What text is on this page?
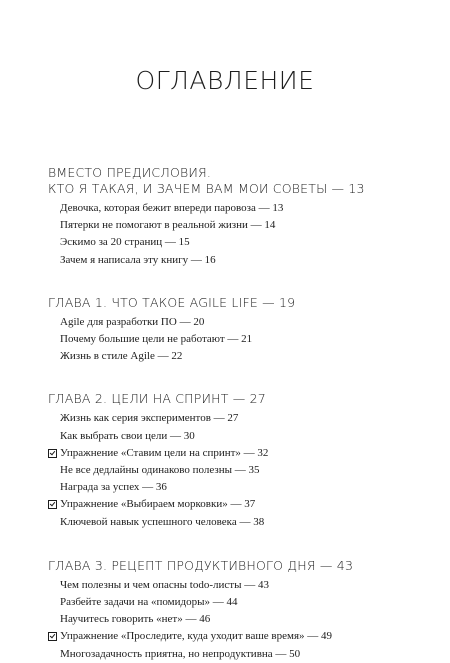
ОГЛАВЛЕНИЕ
ВМЕСТО ПРЕДИСЛОВИЯ.
КТО Я ТАКАЯ, И ЗАЧЕМ ВАМ МОИ СОВЕТЫ — 13
Девочка, которая бежит впереди паровоза — 13
Пятерки не помогают в реальной жизни — 14
Эскимо за 20 страниц — 15
Зачем я написала эту книгу — 16
ГЛАВА 1. ЧТО ТАКОЕ AGILE LIFE — 19
Agile для разработки ПО — 20
Почему большие цели не работают — 21
Жизнь в стиле Agile — 22
ГЛАВА 2. ЦЕЛИ НА СПРИНТ — 27
Жизнь как серия экспериментов — 27
Как выбрать свои цели — 30
Упражнение «Ставим цели на спринт» — 32
Не все дедлайны одинаково полезны — 35
Награда за успех — 36
Упражнение «Выбираем морковки» — 37
Ключевой навык успешного человека — 38
ГЛАВА 3. РЕЦЕПТ ПРОДУКТИВНОГО ДНЯ — 43
Чем полезны и чем опасны todo-листы — 43
Разбейте задачи на «помидоры» — 44
Научитесь говорить «нет» — 46
Упражнение «Проследите, куда уходит ваше время» — 49
Многозадачность приятна, но непродуктивна — 50
